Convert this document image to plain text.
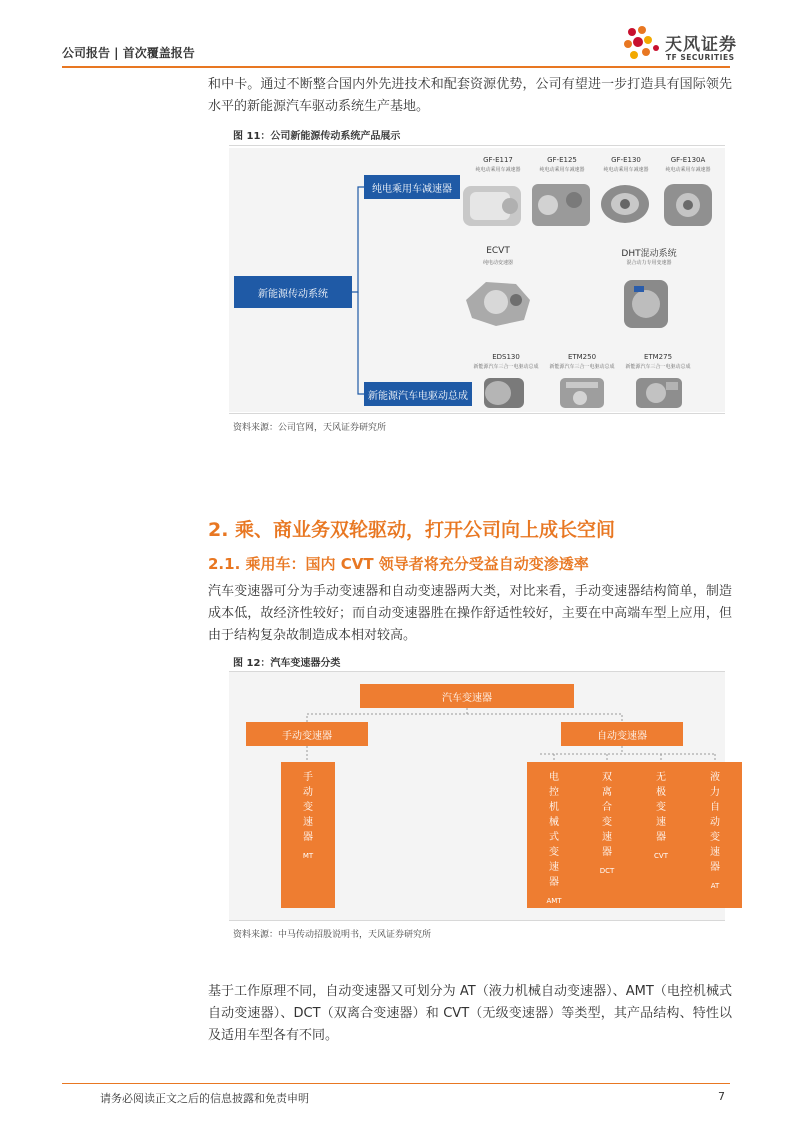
公司报告 | 首次覆盖报告	天风证券
TF SECURITIES
和中卡。通过不断整合国内外先进技术和配套资源优势，公司有望进一步打造具有国际领先水平的新能源汽车驱动系统生产基地。
图 11：公司新能源传动系统产品展示
新能源传动系统
纯电乘用车减速器
新能源汽车电驱动总成
GF-E117
纯电动乘用车减速器
GF-E125
纯电动乘用车减速器
GF-E130
纯电动乘用车减速器
GF-E130A
纯电动乘用车减速器
ECVT
纯电动变速器
DHT混动系统
混合动力专用变速器
EDS130
新能源汽车三合一电驱动总成
ETM250
新能源汽车三合一电驱动总成
ETM275
新能源汽车三合一电驱动总成
资料来源：公司官网，天风证券研究所
2. 乘、商业务双轮驱动，打开公司向上成长空间
2.1. 乘用车：国内 CVT 领导者将充分受益自动变渗透率
汽车变速器可分为手动变速器和自动变速器两大类，对比来看，手动变速器结构简单，制造成本低，故经济性较好；而自动变速器胜在操作舒适性较好，主要在中高端车型上应用，但由于结构复杂故制造成本相对较高。
图 12：汽车变速器分类
汽车变速器
手动变速器	自动变速器
手
动
变
速
器
MT
电
控
机
械
式
变
速
器
AMT
双
离
合
变
速
器
DCT
无
极
变
速
器
CVT
液
力
自
动
变
速
器
AT
资料来源：中马传动招股说明书，天风证券研究所
基于工作原理不同，自动变速器又可划分为 AT（液力机械自动变速器）、AMT（电控机械式自动变速器）、DCT（双离合变速器）和 CVT（无级变速器）等类型，其产品结构、特性以及适用车型各有不同。
请务必阅读正文之后的信息披露和免责申明	7
